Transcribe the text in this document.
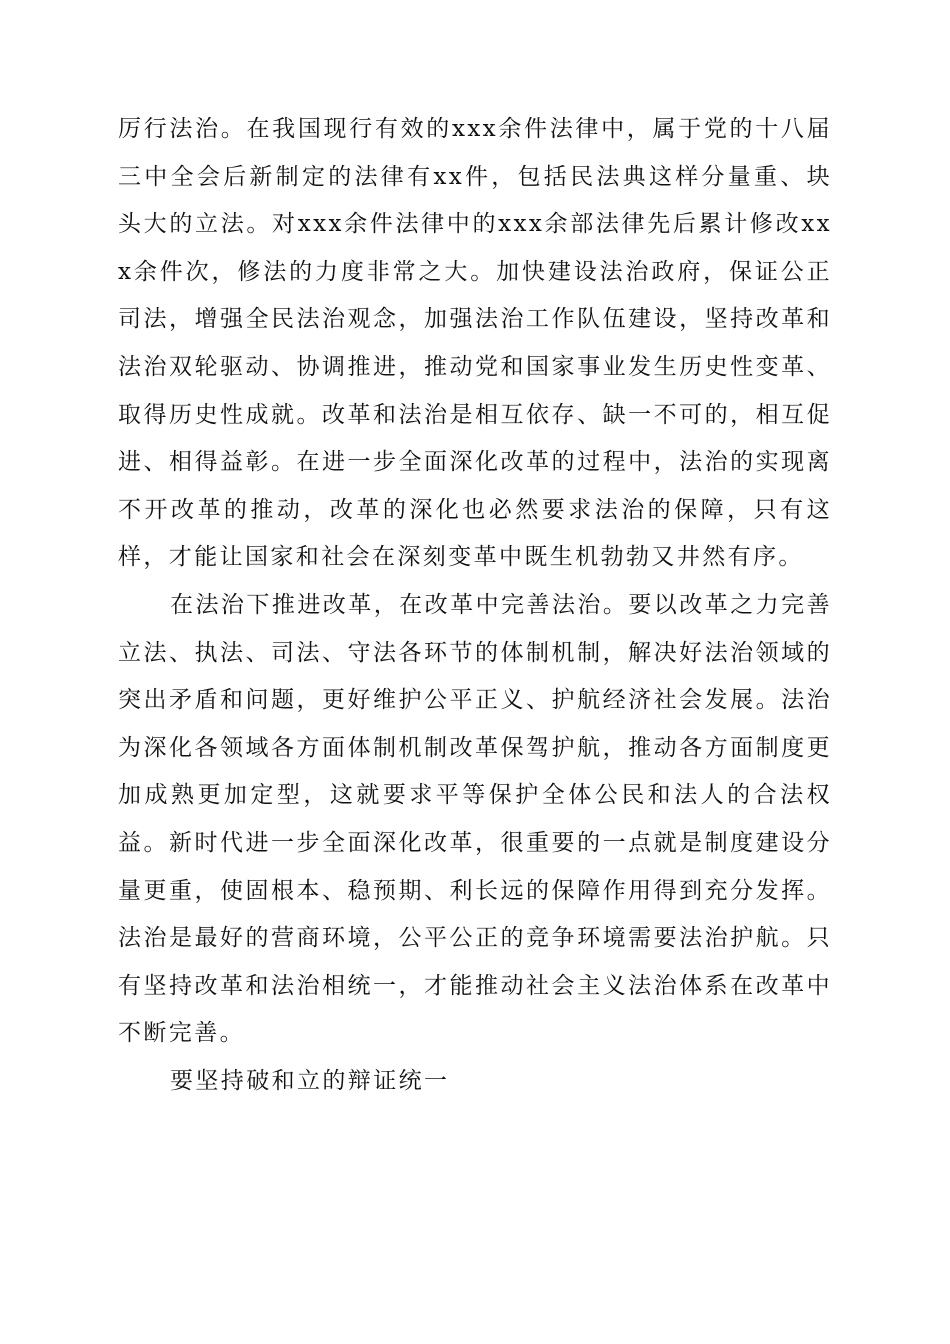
厉行法治。在我国现行有效的xxx余件法律中，属于党的十八届三中全会后新制定的法律有xx件，包括民法典这样分量重、块头大的立法。对xxx余件法律中的xxx余部法律先后累计修改xxx余件次，修法的力度非常之大。加快建设法治政府，保证公正司法，增强全民法治观念，加强法治工作队伍建设，坚持改革和法治双轮驱动、协调推进，推动党和国家事业发生历史性变革、取得历史性成就。改革和法治是相互依存、缺一不可的，相互促进、相得益彰。在进一步全面深化改革的过程中，法治的实现离不开改革的推动，改革的深化也必然要求法治的保障，只有这样，才能让国家和社会在深刻变革中既生机勃勃又井然有序。

在法治下推进改革，在改革中完善法治。要以改革之力完善立法、执法、司法、守法各环节的体制机制，解决好法治领域的突出矛盾和问题，更好维护公平正义、护航经济社会发展。法治为深化各领域各方面体制机制改革保驾护航，推动各方面制度更加成熟更加定型，这就要求平等保护全体公民和法人的合法权益。新时代进一步全面深化改革，很重要的一点就是制度建设分量更重，使固根本、稳预期、利长远的保障作用得到充分发挥。法治是最好的营商环境，公平公正的竞争环境需要法治护航。只有坚持改革和法治相统一，才能推动社会主义法治体系在改革中不断完善。

要坚持破和立的辩证统一
